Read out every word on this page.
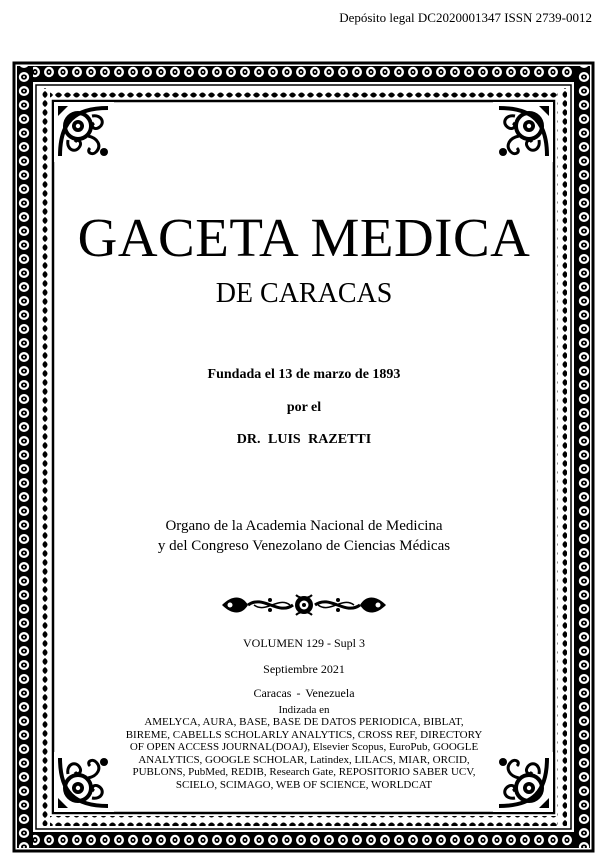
Depósito legal DC2020001347 ISSN 2739-0012
GACETA MEDICA
DE CARACAS
Fundada el 13 de marzo de 1893
por el
DR. LUIS RAZETTI
Organo de la Academia Nacional de Medicina
y del Congreso Venezolano de Ciencias Médicas
VOLUMEN 129 - Supl 3
Septiembre 2021
Caracas - Venezuela
Indizada en
AMELYCA, AURA, BASE, BASE DE DATOS PERIODICA, BIBLAT, BIREME, CABELLS SCHOLARLY ANALYTICS, CROSS REF, DIRECTORY OF OPEN ACCESS JOURNAL(DOAJ), Elsevier Scopus, EuroPub, GOOGLE ANALYTICS, GOOGLE SCHOLAR, Latindex, LILACS, MIAR, ORCID, PUBLONS, PubMed, REDIB, Research Gate, REPOSITORIO SABER UCV, SCIELO, SCIMAGO, WEB OF SCIENCE, WORLDCAT
